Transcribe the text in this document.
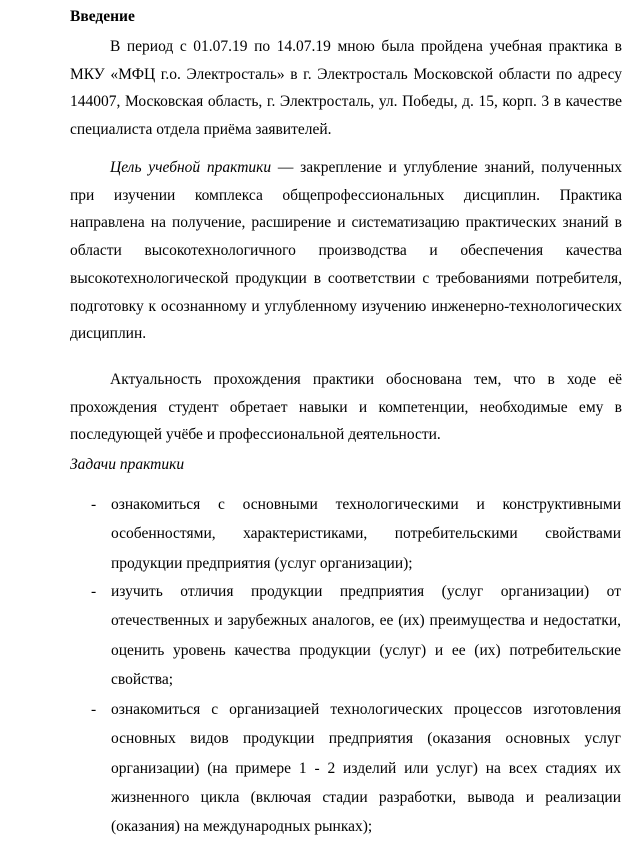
Введение

В период с 01.07.19 по 14.07.19 мною была пройдена учебная практика в МКУ «МФЦ г.о. Электросталь» в г. Электросталь Московской области по адресу 144007, Московская область, г. Электросталь, ул. Победы, д. 15, корп. 3 в качестве специалиста отдела приёма заявителей.

Цель учебной практики — закрепление и углубление знаний, полученных при изучении комплекса общепрофессиональных дисциплин. Практика направлена на получение, расширение и систематизацию практических знаний в области высокотехнологичного производства и обеспечения качества высокотехнологической продукции в соответствии с требованиями потребителя, подготовку к осознанному и углубленному изучению инженерно-технологических дисциплин.

Актуальность прохождения практики обоснована тем, что в ходе её прохождения студент обретает навыки и компетенции, необходимые ему в последующей учёбе и профессиональной деятельности.

Задачи практики

- ознакомиться с основными технологическими и конструктивными особенностями, характеристиками, потребительскими свойствами продукции предприятия (услуг организации);
- изучить отличия продукции предприятия (услуг организации) от отечественных и зарубежных аналогов, ее (их) преимущества и недостатки, оценить уровень качества продукции (услуг) и ее (их) потребительские свойства;
- ознакомиться с организацией технологических процессов изготовления основных видов продукции предприятия (оказания основных услуг организации) (на примере 1 - 2 изделий или услуг) на всех стадиях их жизненного цикла (включая стадии разработки, вывода и реализации (оказания) на международных рынках);
